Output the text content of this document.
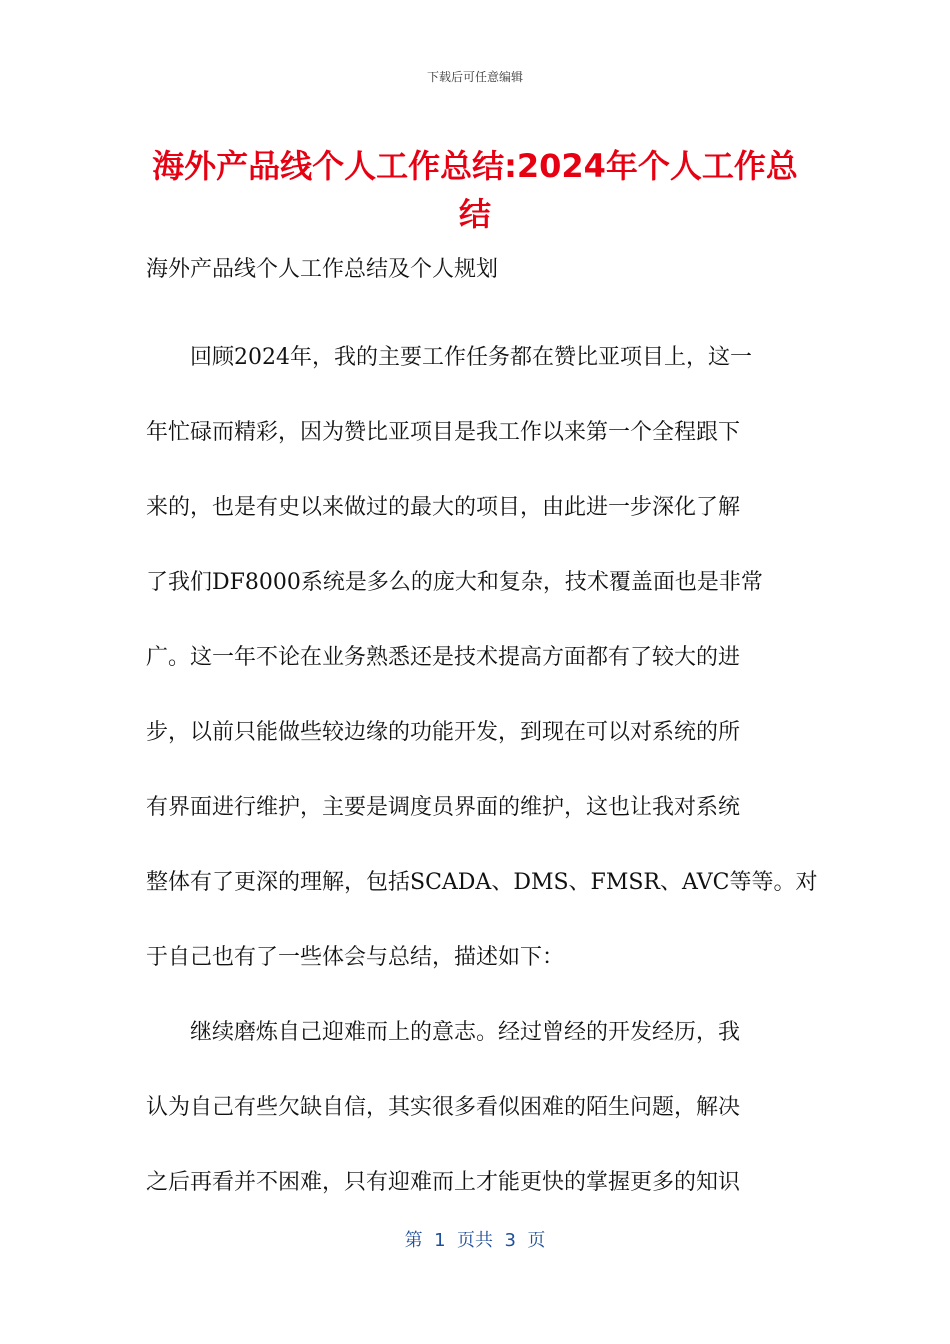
下载后可任意编辑
海外产品线个人工作总结:2024年个人工作总结
海外产品线个人工作总结及个人规划

回顾2024年，我的主要工作任务都在赞比亚项目上，这一
年忙碌而精彩，因为赞比亚项目是我工作以来第一个全程跟下
来的，也是有史以来做过的最大的项目，由此进一步深化了解
了我们DF8000系统是多么的庞大和复杂，技术覆盖面也是非常
广。这一年不论在业务熟悉还是技术提高方面都有了较大的进
步，以前只能做些较边缘的功能开发，到现在可以对系统的所
有界面进行维护，主要是调度员界面的维护，这也让我对系统
整体有了更深的理解，包括SCADA、DMS、FMSR、AVC等等。对
于自己也有了一些体会与总结，描述如下：

继续磨炼自己迎难而上的意志。经过曾经的开发经历，我
认为自己有些欠缺自信，其实很多看似困难的陌生问题，解决
之后再看并不困难，只有迎难而上才能更快的掌握更多的知识

第  1  页共  3  页
